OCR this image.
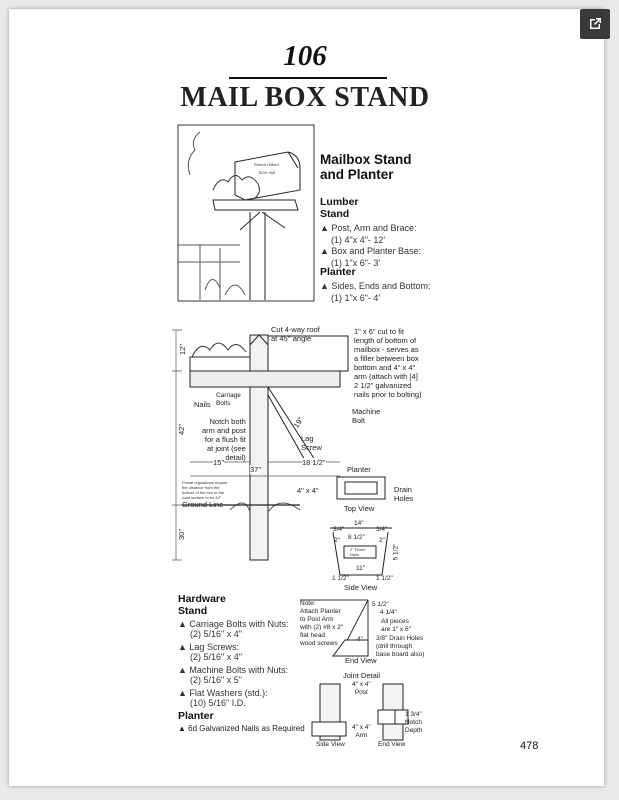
106
MAIL BOX STAND
Robert Gilbert
BOX 458
Mailbox Stand
and Planter
Lumber
Stand
▲ Post, Arm and Brace:
(1) 4"x 4"- 12'
▲ Box and Planter Base:
(1) 1"x 6"- 3'
Planter
▲ Sides, Ends and Bottom:
(1) 1"x 6"- 4'
Cut 4-way roof
at 45° angle
1" x 6" cut to fit
length of bottom of
mailbox - serves as
a filler between box
bottom and 4" x 4"
arm (attach with [4]
2 1/2" galvanized
nails prior to bolting)
12"
42"
30"
Nails
Carriage
Bolts
Notch both
arm and post
for a flush fit
at joint (see
detail)
Machine
Bolt
19"
Lag
Screw
15"	18 1/2"
37"
4" x 4"
Postal regulations require
the distance from the
bottom of the box to the
road surface to be 42"
Ground Line
Planter
Drain
Holes
Top View
14"
3/4"	3/4"
8 1/2"
2"	2"
2" Finish
Nails	5 1/2"
11"
1 1/2"	1 1/2"
Side View
Note:
Attach Planter
to Post Arm
with (2) #8 x 2"
flat head
wood screws
5 1/2"
4 1/4"
All pieces
are 1" x 6"
4" 3/8" Drain Holes
(drill through
base board also)
End View
Joint Detail
4" x 4"
Post
4" x 4"
Arm
1 3/4"
Notch
Depth
Side View	End View
Hardware
Stand
▲ Carriage Bolts with Nuts:
(2) 5/16" x 4"
▲ Lag Screws:
(2) 5/16" x 4"
▲ Machine Bolts with Nuts:
(2) 5/16" x 5"
▲ Flat Washers (std.):
(10) 5/16" I.D.
Planter
▲ 6d Galvanized Nails as Required
478
